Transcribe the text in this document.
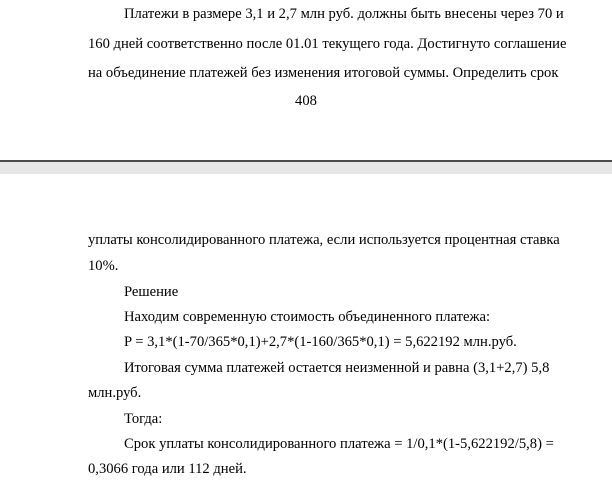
Платежи в размере 3,1 и 2,7 млн руб. должны быть внесены через 70 и
160 дней соответственно после 01.01 текущего года. Достигнуто соглашение
на объединение платежей без изменения итоговой суммы. Определить срок
408
уплаты консолидированного платежа, если используется процентная ставка
10%.
Решение
Находим современную стоимость объединенного платежа:
P = 3,1*(1-70/365*0,1)+2,7*(1-160/365*0,1) = 5,622192 млн.руб.
Итоговая сумма платежей остается неизменной и равна (3,1+2,7) 5,8
млн.руб.
Тогда:
Срок уплаты консолидированного платежа = 1/0,1*(1-5,622192/5,8) =
0,3066 года или 112 дней.
